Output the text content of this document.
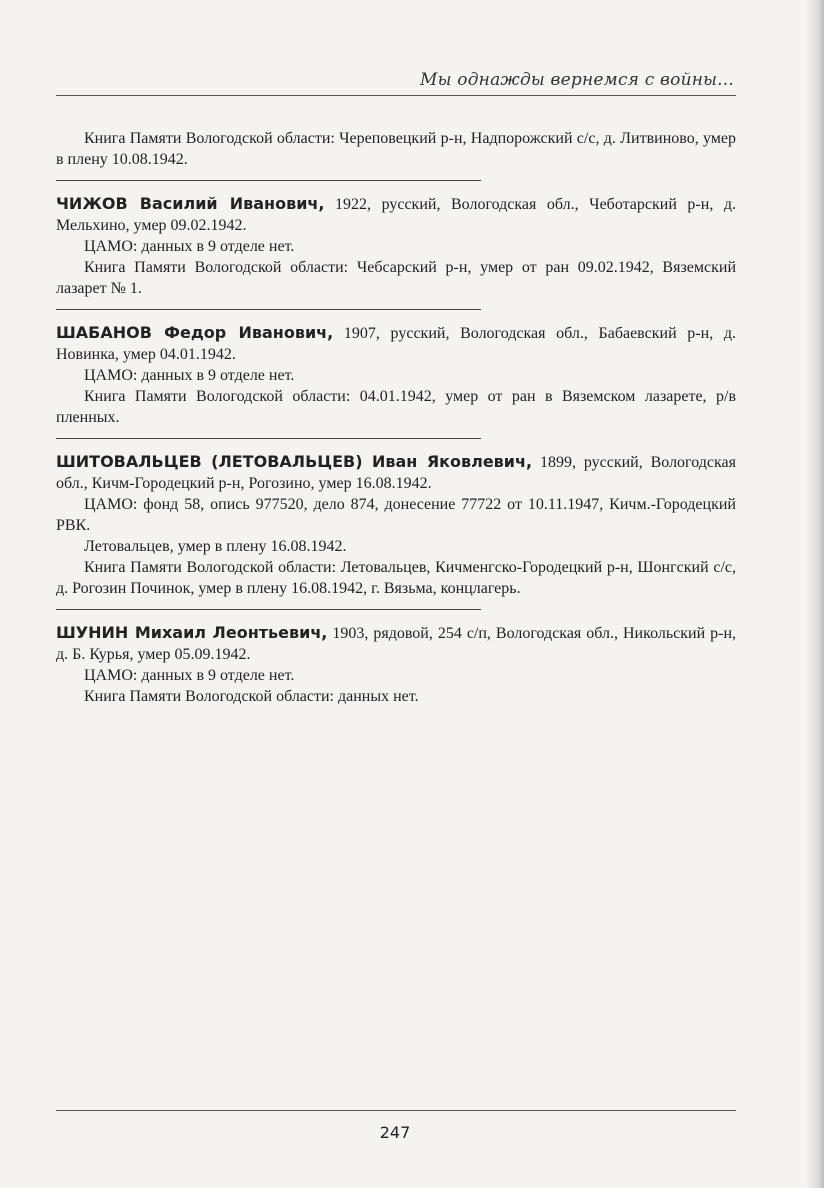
Мы однажды вернемся с войны...

Книга Памяти Вологодской области: Череповецкий р-н, Надпорожский с/с, д. Литвиново, умер в плену 10.08.1942.

ЧИЖОВ Василий Иванович, 1922, русский, Вологодская обл., Чеботарский р-н, д. Мельхино, умер 09.02.1942.

ЦАМО: данных в 9 отделе нет.

Книга Памяти Вологодской области: Чебсарский р-н, умер от ран 09.02.1942, Вяземский лазарет № 1.

ШАБАНОВ Федор Иванович, 1907, русский, Вологодская обл., Бабаевский р-н, д. Новинка, умер 04.01.1942.

ЦАМО: данных в 9 отделе нет.

Книга Памяти Вологодской области: 04.01.1942, умер от ран в Вяземском лазарете, р/в пленных.

ШИТОВАЛЬЦЕВ (ЛЕТОВАЛЬЦЕВ) Иван Яковлевич, 1899, русский, Вологодская обл., Кичм-Городецкий р-н, Рогозино, умер 16.08.1942.

ЦАМО: фонд 58, опись 977520, дело 874, донесение 77722 от 10.11.1947, Кичм.-Городецкий РВК.

Летовальцев, умер в плену 16.08.1942.

Книга Памяти Вологодской области: Летовальцев, Кичменгско-Городецкий р-н, Шонгский с/с, д. Рогозин Починок, умер в плену 16.08.1942, г. Вязьма, концлагерь.

ШУНИН Михаил Леонтьевич, 1903, рядовой, 254 с/п, Вологодская обл., Никольский р-н, д. Б. Курья, умер 05.09.1942.

ЦАМО: данных в 9 отделе нет.

Книга Памяти Вологодской области: данных нет.

247
